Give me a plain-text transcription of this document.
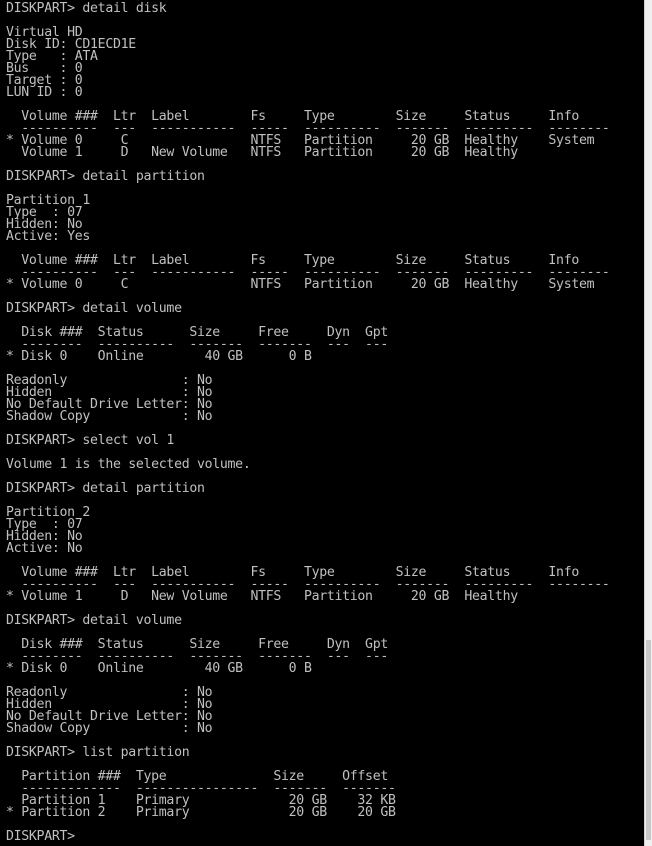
DISKPART> detail disk
Virtual HD
Disk ID: CD1ECD1E
Type   : ATA
Bus    : 0
Target : 0
LUN ID : 0
Volume ###  Ltr  Label        Fs     Type        Size     Status     Info
----------  ---  -----------  -----  ----------  -------  ---------  --------
* Volume 0     C                NTFS   Partition     20 GB  Healthy    System
Volume 1     D   New Volume   NTFS   Partition     20 GB  Healthy
DISKPART> detail partition
Partition 1
Type  : 07
Hidden: No
Active: Yes
Volume ###  Ltr  Label        Fs     Type        Size     Status     Info
----------  ---  -----------  -----  ----------  -------  ---------  --------
* Volume 0     C                NTFS   Partition     20 GB  Healthy    System
DISKPART> detail volume
Disk ###  Status      Size     Free     Dyn  Gpt
--------  ----------  -------  -------  ---  ---
* Disk 0    Online        40 GB      0 B
Readonly               : No
Hidden                 : No
No Default Drive Letter: No
Shadow Copy            : No
DISKPART> select vol 1
Volume 1 is the selected volume.
DISKPART> detail partition
Partition 2
Type  : 07
Hidden: No
Active: No
Volume ###  Ltr  Label        Fs     Type        Size     Status     Info
----------  ---  -----------  -----  ----------  -------  ---------  --------
* Volume 1     D   New Volume   NTFS   Partition     20 GB  Healthy
DISKPART> detail volume
Disk ###  Status      Size     Free     Dyn  Gpt
--------  ----------  -------  -------  ---  ---
* Disk 0    Online        40 GB      0 B
Readonly               : No
Hidden                 : No
No Default Drive Letter: No
Shadow Copy            : No
DISKPART> list partition
Partition ###  Type              Size     Offset
-------------  ----------------  -------  -------
Partition 1    Primary             20 GB    32 KB
* Partition 2    Primary             20 GB    20 GB
DISKPART>
